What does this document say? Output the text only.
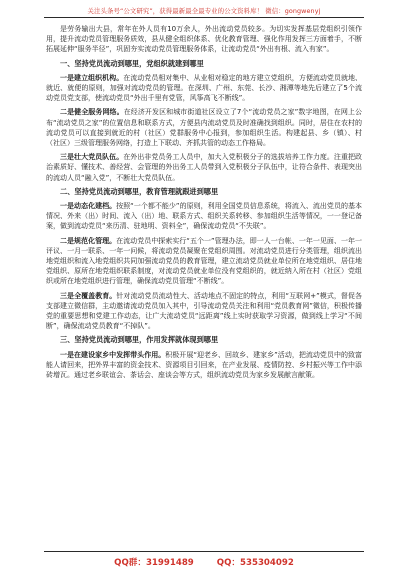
关注头条号“公文研究”，获得最新最全最专业的公文资料库！ 微信：gongwenyj
是劳务输出大县，常年在外人员有10万余人，外出流动党员较多。为切实发挥基层党组织引领作用，提升流动党员管理服务质效，县从健全组织体系、优化教育管理、强化作用发挥三方面着手，不断拓展延伸“服务半径”，巩固夯实流动党员管理服务体系，让流动党员“外出有根、流入有家”。
一、坚持党员流动到哪里，党组织就建到哪里
一是建立组织机构。在流动党员相对集中、从业相对稳定的地方建立党组织，方便流动党员就地、就近、就便的原则，加强对流动党员的管理。在深圳、广州、东莞、长沙、湘潭等地先后建立了5个流动党员党支部，使流动党员“外出千里有党管，风筝高飞不断线”。
二是健全服务网络。在经济开发区和城市街道社区设立了7个“流动党员之家”数字地图，在网上公布“流动党员之家”的位置信息和联系方式，方便县内流动党员及时准确找到组织。同时，居住在农村的流动党员可以直接到就近的村（社区）党群服务中心报到，参加组织生活。构建起县、乡（镇）、村（社区）三级管理服务网络，打造上下联动、齐抓共管的动态工作格局。
三是壮大党员队伍。在外出非党员务工人员中，加大入党积极分子的选拔培养工作力度。注重把政治素质好、懂技术、善经营、会管理的外出务工人员带到入党积极分子队伍中，让符合条件、表现突出的流动人员“融入党”，不断壮大党员队伍。
二、坚持党员流动到哪里，教育管理就跟进到哪里
一是动态化建档。按照“一个都不能少”的原则，利用全国党员信息系统，将流入、流出党员的基本情况、外来（出）时间、流入（出）地、联系方式、组织关系转移、参加组织生活等情况，一一登记备案，做到流动党员“来历清、驻地明、资料全”，确保流动党员“不失联”。
二是规范化管理。在流动党员中探索实行“五个一”管理办法，即一人一台帐、一年一见面、一年一评议、一月一联系、一年一问候，将流动党员凝聚在党组织周围。对流动党员进行分类管理，组织流出地党组织和流入地党组织共同加强流动党员的教育管理，建立流动党员就业单位所在地党组织、居住地党组织、原所在地党组织联系制度，对流动党员就业单位没有党组织的，就近纳入所在村（社区）党组织或所在地党组织进行管理，确保流动党员管理“不断线”。
三是全覆盖教育。针对流动党员流动性大、活动地点不固定的特点，利用“互联网+”模式，督促各支部建立微信群，主动邀请流动党员加入其中，引导流动党员关注和利用“党员教育网”微信，积极传播党的重要思想和党建工作动态，让广大流动党员“远距离”线上实时获取学习资源，做到线上学习“不间断”，确保流动党员教育“不掉队”。
三、坚持党员流动到哪里，作用发挥就体现到哪里
一是在建设家乡中发挥带头作用。积极开展“迎老乡、回故乡、建家乡”活动，把流动党员中的致富能人请回来，把外界丰富的资金技术、资源项目引回来，在产业发展、疫情防控、乡村振兴等工作中添砖增瓦。通过老乡联谊会、茶话会、座谈会等方式，组织流动党员为家乡发展献言献策。
QQ群：31991489	QQ：535304092
